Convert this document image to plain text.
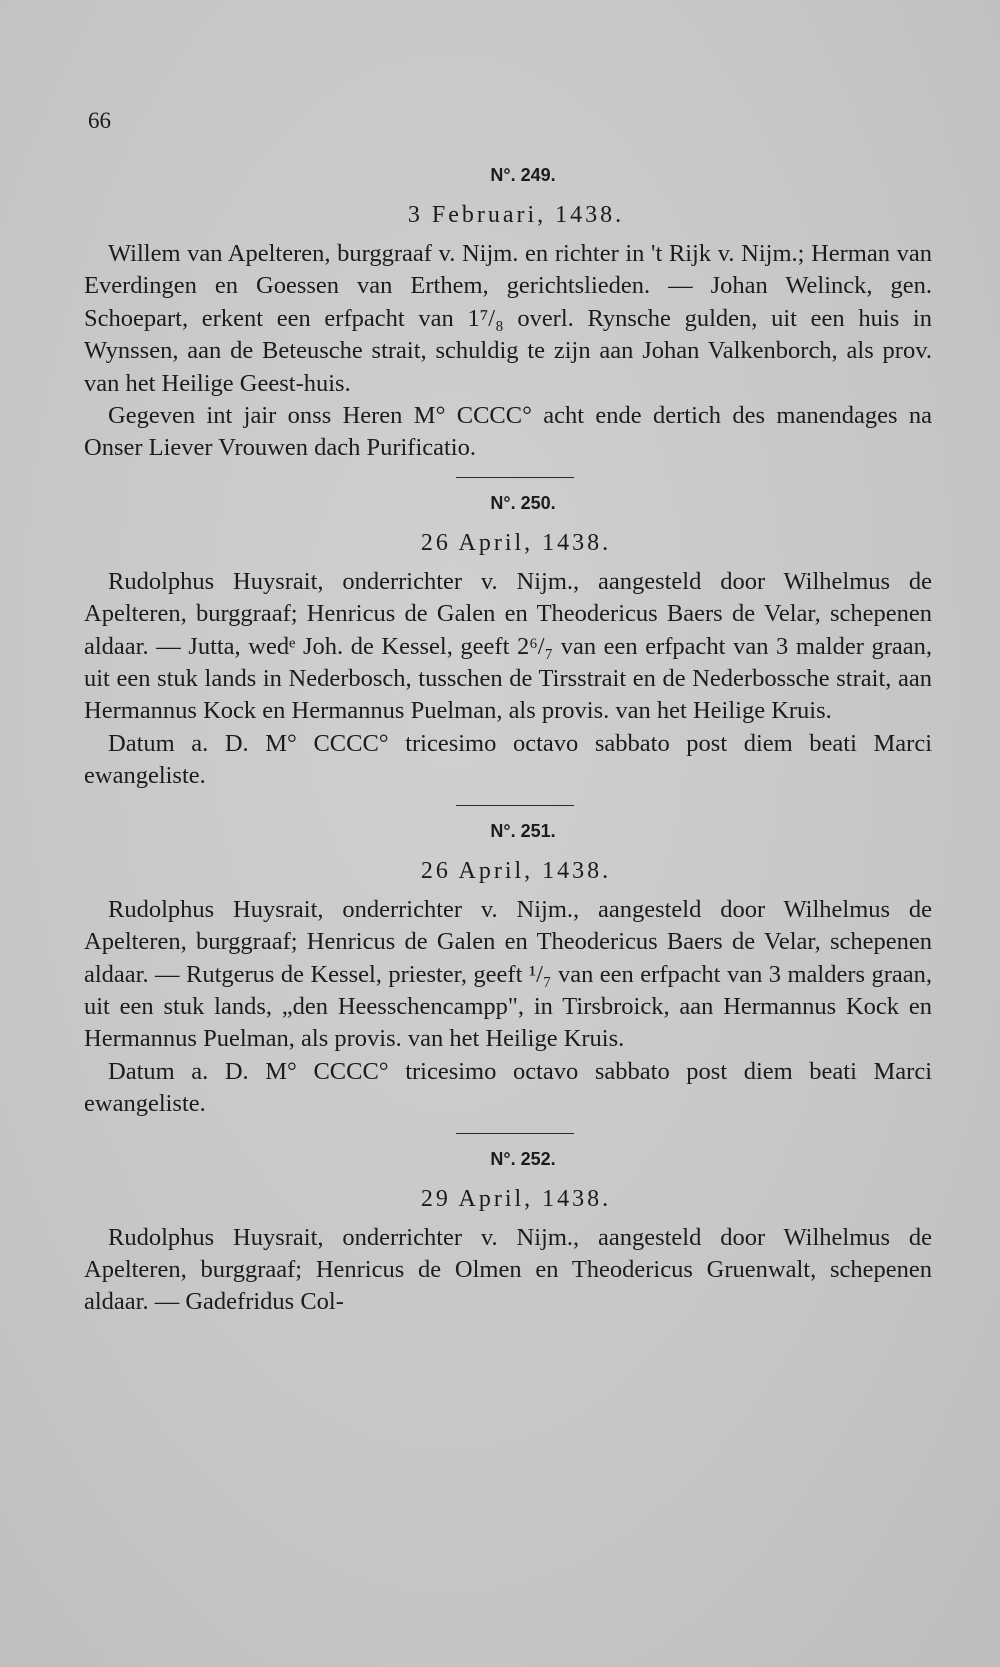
66
N°. 249.
3 Februari, 1438.

Willem van Apelteren, burggraaf v. Nijm. en richter in 't Rijk v. Nijm.; Herman van Everdingen en Goessen van Erthem, gerichtslieden. — Johan Welinck, gen. Schoepart, erkent een erfpacht van 1⁷/₈ overl. Rynsche gulden, uit een huis in Wynssen, aan de Beteusche strait, schuldig te zijn aan Johan Valkenborch, als prov. van het Heilige Geest-huis.

Gegeven int jair onss Heren M° CCCC° acht ende dertich des manendages na Onser Liever Vrouwen dach Purificatio.

N°. 250.
26 April, 1438.

Rudolphus Huysrait, onderrichter v. Nijm., aangesteld door Wilhelmus de Apelteren, burggraaf; Henricus de Galen en Theodericus Baers de Velar, schepenen aldaar. — Jutta, wedᵉ Joh. de Kessel, geeft 2⁶/₇ van een erfpacht van 3 malder graan, uit een stuk lands in Nederbosch, tusschen de Tirsstrait en de Nederbossche strait, aan Hermannus Kock en Hermannus Puelman, als provis. van het Heilige Kruis.

Datum a. D. M° CCCC° tricesimo octavo sabbato post diem beati Marci ewangeliste.

N°. 251.
26 April, 1438.

Rudolphus Huysrait, onderrichter v. Nijm., aangesteld door Wilhelmus de Apelteren, burggraaf; Henricus de Galen en Theodericus Baers de Velar, schepenen aldaar. — Rutgerus de Kessel, priester, geeft ¹/₇ van een erfpacht van 3 malders graan, uit een stuk lands, „den Heesschencampp", in Tirsbroick, aan Hermannus Kock en Hermannus Puelman, als provis. van het Heilige Kruis.

Datum a. D. M° CCCC° tricesimo octavo sabbato post diem beati Marci ewangeliste.

N°. 252.
29 April, 1438.

Rudolphus Huysrait, onderrichter v. Nijm., aangesteld door Wilhelmus de Apelteren, burggraaf; Henricus de Olmen en Theodericus Gruenwalt, schepenen aldaar. — Gadefridus Col-
